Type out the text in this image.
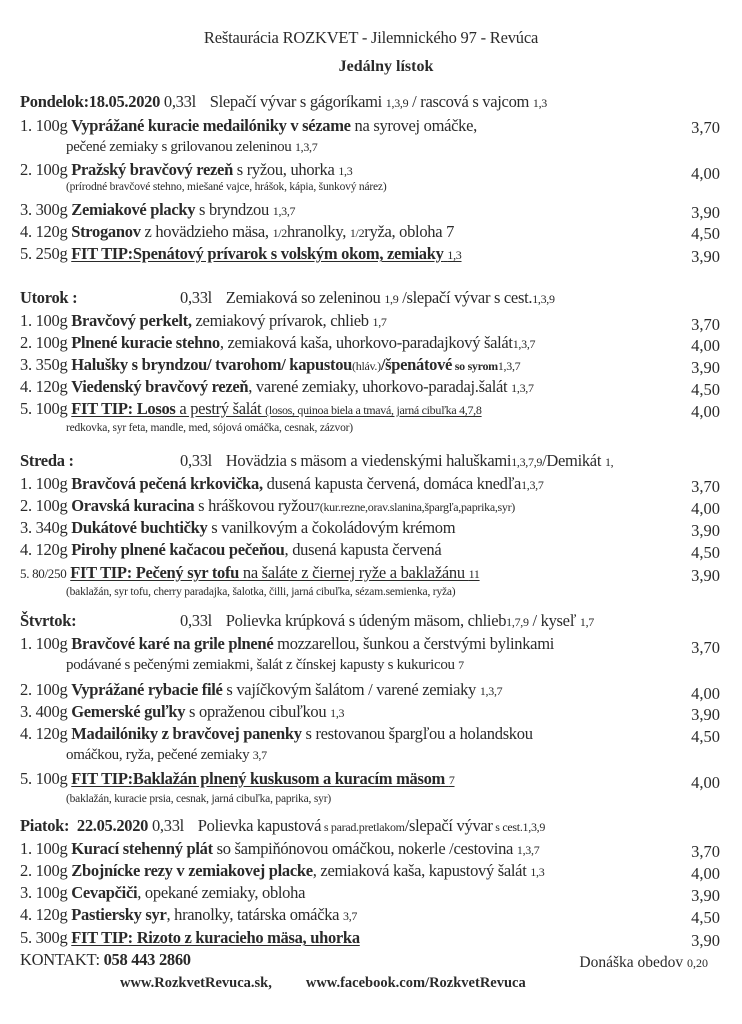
Reštaurácia ROZKVET - Jilemnického 97 - Revúca
Jedálny lístok
Pondelok:18.05.2020 0,33l Slepačí vývar s gágoríkami 1,3,9 / rascová s vajcom 1,3
1. 100g Vyprážané kuracie medailóniky v sézame na syrovej omáčke,	3,70
pečené zemiaky s grilovanou zeleninou 1,3,7
2. 100g Pražský bravčový rezeň s ryžou, uhorka 1,3	4,00
(prírodné bravčové stehno, miešané vajce, hrášok, kápia, šunkový nárez)
3. 300g Zemiakové placky s bryndzou 1,3,7	3,90
4. 120g Stroganov z hovädzieho mäsa, 1/2hranolky, 1/2ryža, obloha 7	4,50
5. 250g FIT TIP:Spenátový prívarok s volským okom, zemiaky 1,3	3,90
Utorok :	0,33l Zemiaková so zeleninou 1,9 /slepačí vývar s cest.1,3,9
1. 100g Bravčový perkelt, zemiakový prívarok, chlieb 1,7	3,70
2. 100g Plnené kuracie stehno, zemiaková kaša, uhorkovo-paradajkový šalát1,3,7	4,00
3. 350g Halušky s bryndzou/ tvarohom/ kapustou(hláv.)/špenátové so syrom1,3,7	3,90
4. 120g Viedenský bravčový rezeň, varené zemiaky, uhorkovo-paradaj.šalát 1,3,7	4,50
5. 100g FIT TIP: Losos a pestrý šalát (losos, quinoa biela a tmavá, jarná cibuľka 4,7,8	4,00
redkovka, syr feta, mandle, med, sójová omáčka, cesnak, zázvor)
Streda :	0,33l Hovädzia s mäsom a viedenskými haluškami1,3,7,9/Demikát 1,
1. 100g Bravčová pečená krkovička, dusená kapusta červená, domáca knedľa1,3,7	3,70
2. 100g Oravská kuracina s hráškovou ryžou7(kur.rezne,orav.slanina,špargľa,paprika,syr)	4,00
3. 340g Dukátové buchtičky s vanilkovým a čokoládovým krémom	3,90
4. 120g Pirohy plnené kačacou pečeňou, dusená kapusta červená	4,50
5. 80/250 FIT TIP: Pečený syr tofu na šaláte z čiernej ryže a baklažánu 11	3,90
(baklažán, syr tofu, cherry paradajka, šalotka, čilli, jarná cibuľka, sézam.semienka, ryža)
Štvrtok:	0,33l Polievka krúpková s údeným mäsom, chlieb1,7,9 / kyseľ 1,7
1. 100g Bravčové karé na grile plnené mozzarellou, šunkou a čerstvými bylinkami	3,70
podávané s pečenými zemiakmi, šalát z čínskej kapusty s kukuricou 7
2. 100g Vyprážané rybacie filé s vajíčkovým šalátom / varené zemiaky 1,3,7	4,00
3. 400g Gemerské guľky s opraženou cibuľkou 1,3	3,90
4. 120g Madailóniky z bravčovej panenky s restovanou špargľou a holandskou	4,50
omáčkou, ryža, pečené zemiaky 3,7
5. 100g FIT TIP:Baklažán plnený kuskusom a kuracím mäsom 7	4,00
(baklažán, kuracie prsia, cesnak, jarná cibuľka, paprika, syr)
Piatok:  22.05.2020 0,33l Polievka kapustová s parad.pretlakom/slepačí vývar s cest.1,3,9
1. 100g Kurací stehenný plát so šampiňónovou omáčkou, nokerle /cestovina 1,3,7	3,70
2. 100g Zbojnícke rezy v zemiakovej placke, zemiaková kaša, kapustový šalát 1,3	4,00
3. 100g Cevapčiči, opekané zemiaky, obloha	3,90
4. 120g Pastiersky syr, hranolky, tatárska omáčka 3,7	4,50
5. 300g FIT TIP: Rizoto z kuracieho mäsa, uhorka	3,90
KONTAKT: 058 443 2860	Donáška obedov 0,20
www.RozkvetRevuca.sk, www.facebook.com/RozkvetRevuca
